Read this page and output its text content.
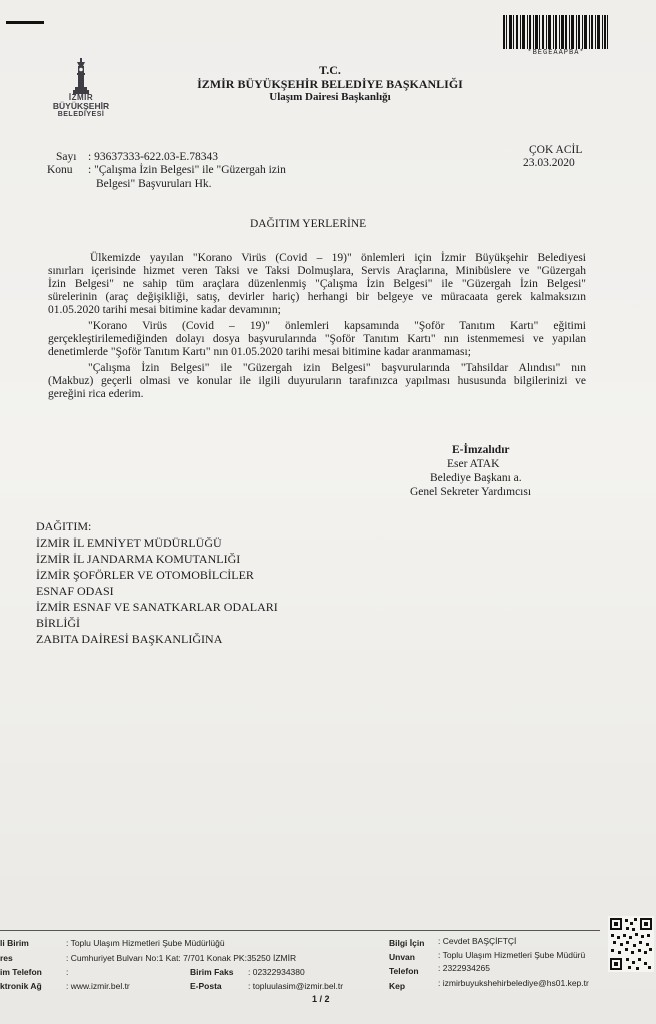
*BEGEAAPBA*
İZMİR
BÜYÜKŞEHİR
BELEDİYESİ
T.C.
İZMİR BÜYÜKŞEHİR BELEDİYE BAŞKANLIĞI
Ulaşım Dairesi Başkanlığı
Sayı : 93637333-622.03-E.78343
Konu : "Çalışma İzin Belgesi" ile "Güzergah izin
Belgesi" Başvuruları Hk.
ÇOK ACİL
23.03.2020
DAĞITIM YERLERİNE
Ülkemizde yayılan "Korano Virüs (Covid – 19)" önlemleri için İzmir Büyükşehir Belediyesi
sınırları içerisinde hizmet veren Taksi ve Taksi Dolmuşlara, Servis Araçlarına, Minibüslere ve "Güzergah
İzin Belgesi" ne sahip tüm araçlara düzenlenmiş "Çalışma İzin Belgesi" ile "Güzergah İzin Belgesi"
sürelerinin (araç değişikliği, satış, devirler hariç) herhangi bir belgeye ve müracaata gerek kalmaksızın
01.05.2020 tarihi mesai bitimine kadar devamının;
"Korano Virüs (Covid – 19)" önlemleri kapsamında "Şoför Tanıtım Kartı" eğitimi
gerçekleştirilemediğinden dolayı dosya başvurularında "Şoför Tanıtım Kartı" nın istenmemesi ve yapılan
denetimlerde "Şoför Tanıtım Kartı" nın 01.05.2020 tarihi mesai bitimine kadar aranmaması;
"Çalışma İzin Belgesi" ile "Güzergah izin Belgesi" başvurularında "Tahsildar Alındısı" nın
(Makbuz) geçerli olmasi ve konular ile ilgili duyuruların tarafınızca yapılması hususunda bilgilerinizi ve
gereğini rica ederim.
E-İmzalıdır
Eser ATAK
Belediye Başkanı a.
Genel Sekreter Yardımcısı
DAĞITIM:
İZMİR İL EMNİYET MÜDÜRLÜĞÜ
İZMİR İL JANDARMA KOMUTANLIĞI
İZMİR ŞOFÖRLER VE OTOMOBİLCİLER
ESNAF ODASI
İZMİR ESNAF VE SANATKARLAR ODALARI
BİRLİĞİ
ZABITA DAİRESİ BAŞKANLIĞINA
li Birim	: Toplu Ulaşım Hizmetleri Şube Müdürlüğü
res	: Cumhuriyet Bulvarı No:1 Kat: 7/701 Konak PK:35250 İZMİR
im Telefon	:	Birim Faks : 02322934380
ktronik Ağ	: www.izmir.bel.tr	E-Posta	: topluulasim@izmir.bel.tr
Bilgi İçin : Cevdet BAŞÇİFTÇİ
Unvan	: Toplu Ulaşım Hizmetleri Şube Müdürü
Telefon : 2322934265
Kep	: izmirbuyukshehirbelediye@hs01.kep.tr
1 / 2
